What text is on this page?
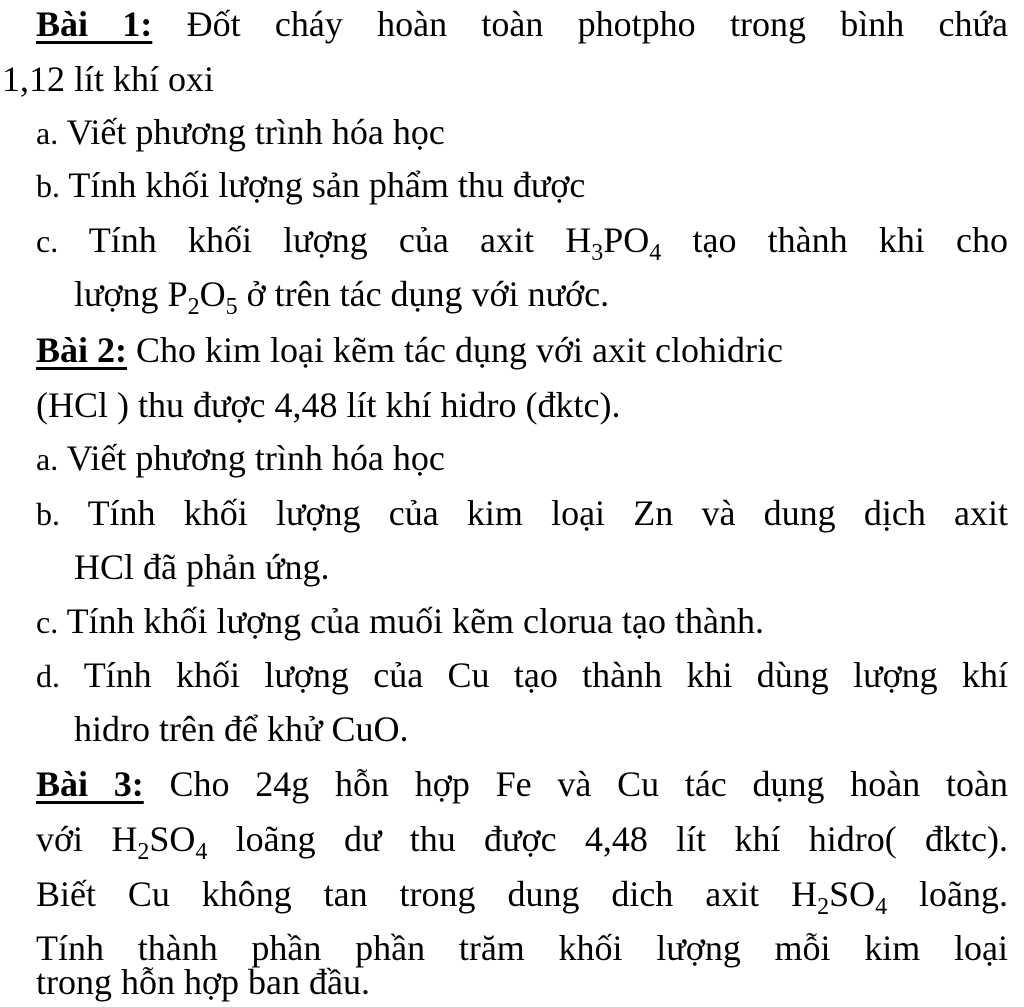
Bài 1: Đốt cháy hoàn toàn photpho trong bình chứa
1,12 lít khí oxi
a. Viết phương trình hóa học
b. Tính khối lượng sản phẩm thu được
c. Tính khối lượng của axit $H_3PO_4$ tạo thành khi cho
lượng $P_2O_5$ ở trên tác dụng với nước.
Bài 2: Cho kim loại kẽm tác dụng với axit clohidric
(HCl ) thu được 4,48 lít khí hidro (đktc).
a. Viết phương trình hóa học
b. Tính khối lượng của kim loại Zn và dung dịch axit
HCl đã phản ứng.
c. Tính khối lượng của muối kẽm clorua tạo thành.
d. Tính khối lượng của Cu tạo thành khi dùng lượng khí
hidro trên để khử CuO.
Bài 3: Cho 24g hỗn hợp Fe và Cu tác dụng hoàn toàn
với $H_2SO_4$ loãng dư thu được 4,48 lít khí hidro( đktc).
Biết Cu không tan trong dung dich axit $H_2SO_4$ loãng.
Tính thành phần phần trăm khối lượng mỗi kim loại
trong hỗn hợp ban đầu.
